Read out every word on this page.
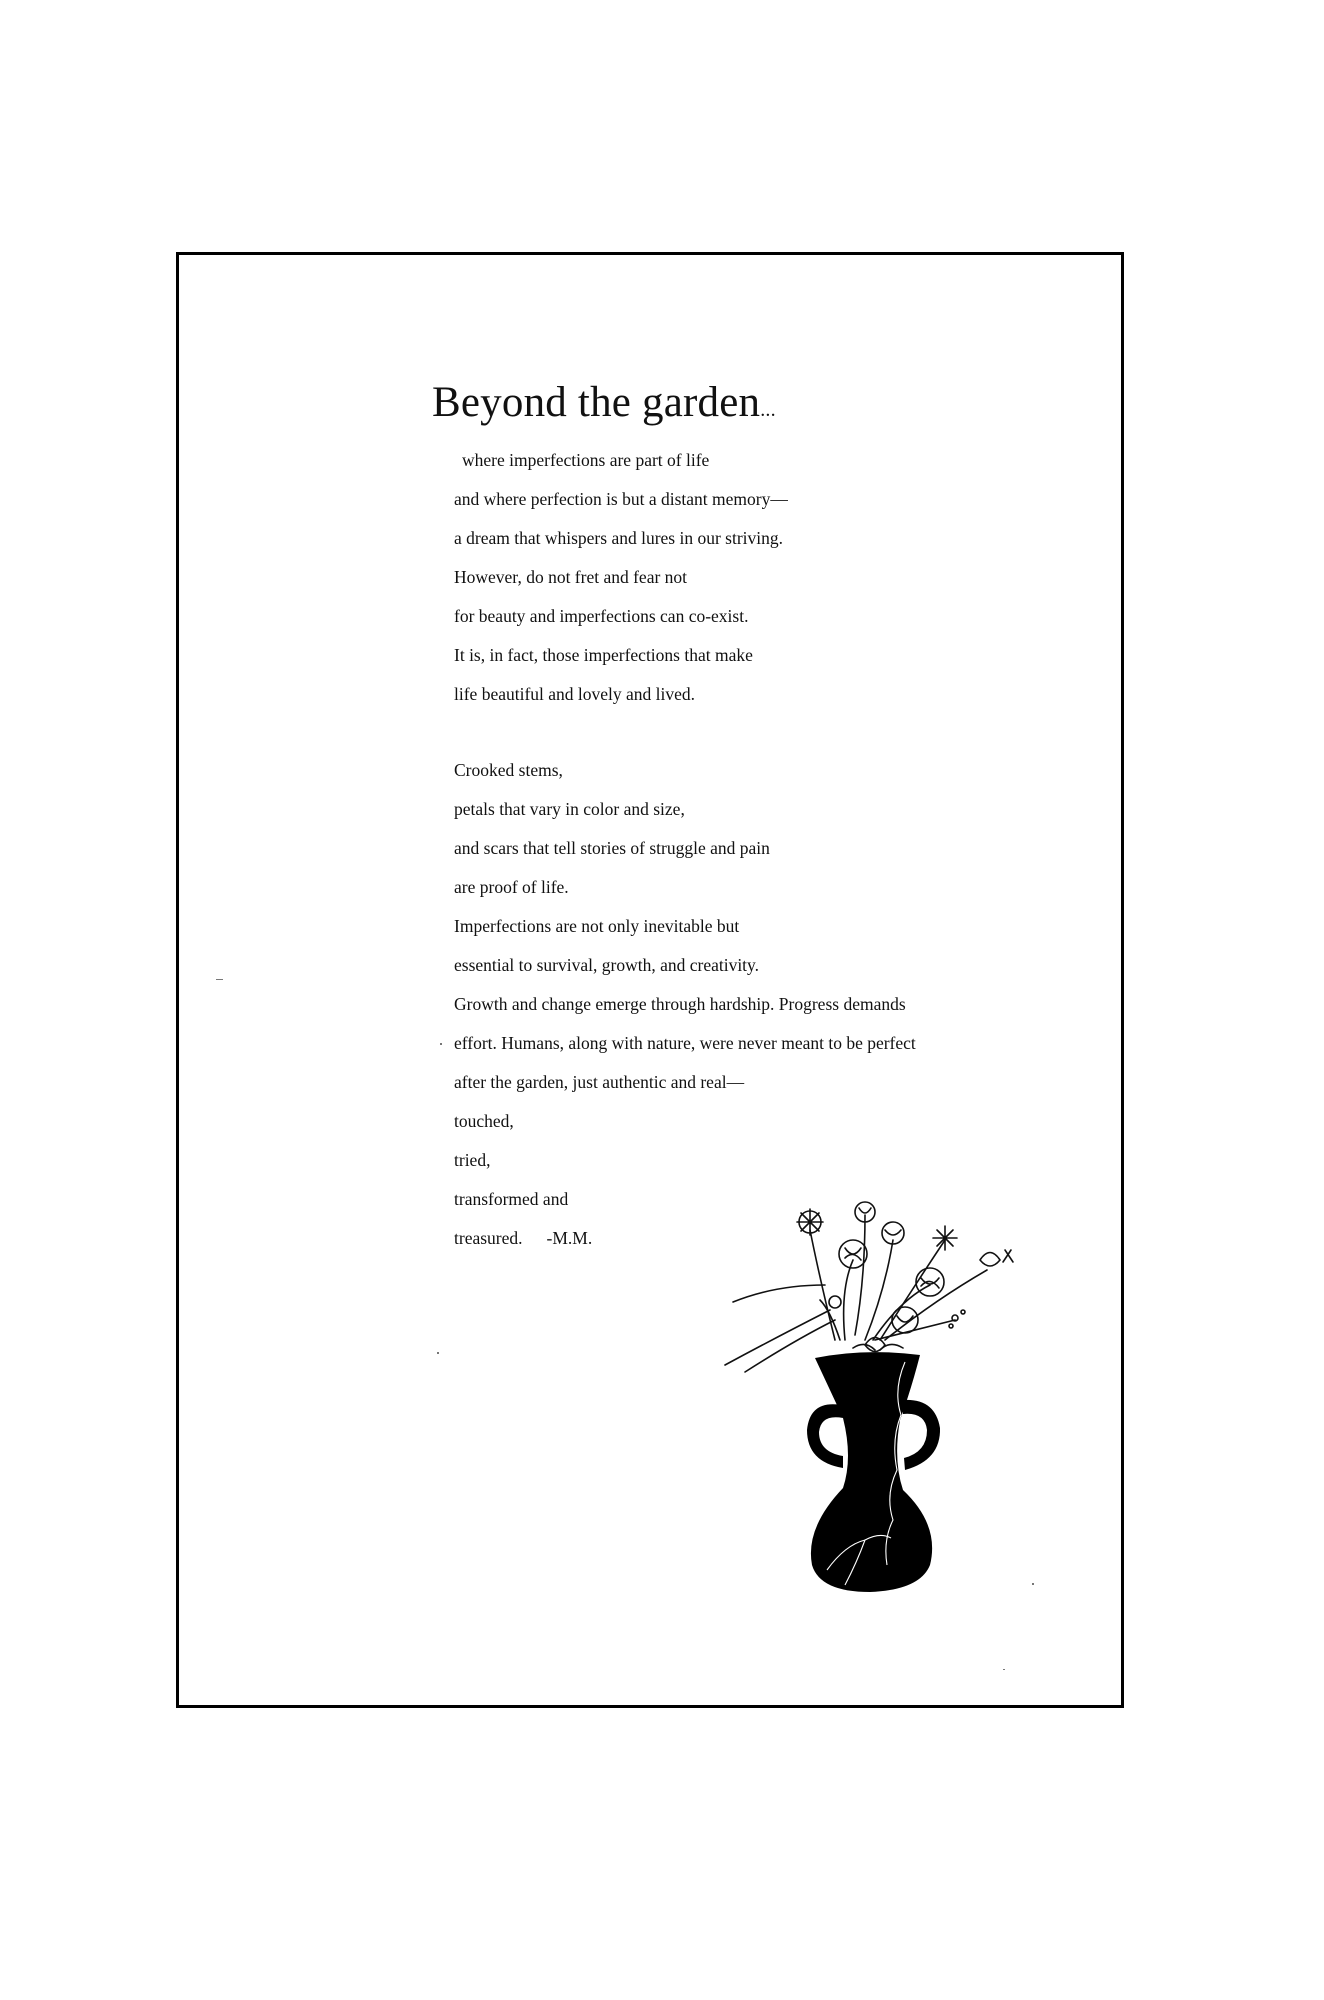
Beyond the garden...
where imperfections are part of life
and where perfection is but a distant memory—
a dream that whispers and lures in our striving.
However, do not fret and fear not
for beauty and imperfections can co-exist.
It is, in fact, those imperfections that make
life beautiful and lovely and lived.
Crooked stems,
petals that vary in color and size,
and scars that tell stories of struggle and pain
are proof of life.
Imperfections are not only inevitable but
essential to survival, growth, and creativity.
Growth and change emerge through hardship. Progress demands
effort. Humans, along with nature, were never meant to be perfect
after the garden, just authentic and real—
touched,
tried,
transformed and
treasured. -M.M.
